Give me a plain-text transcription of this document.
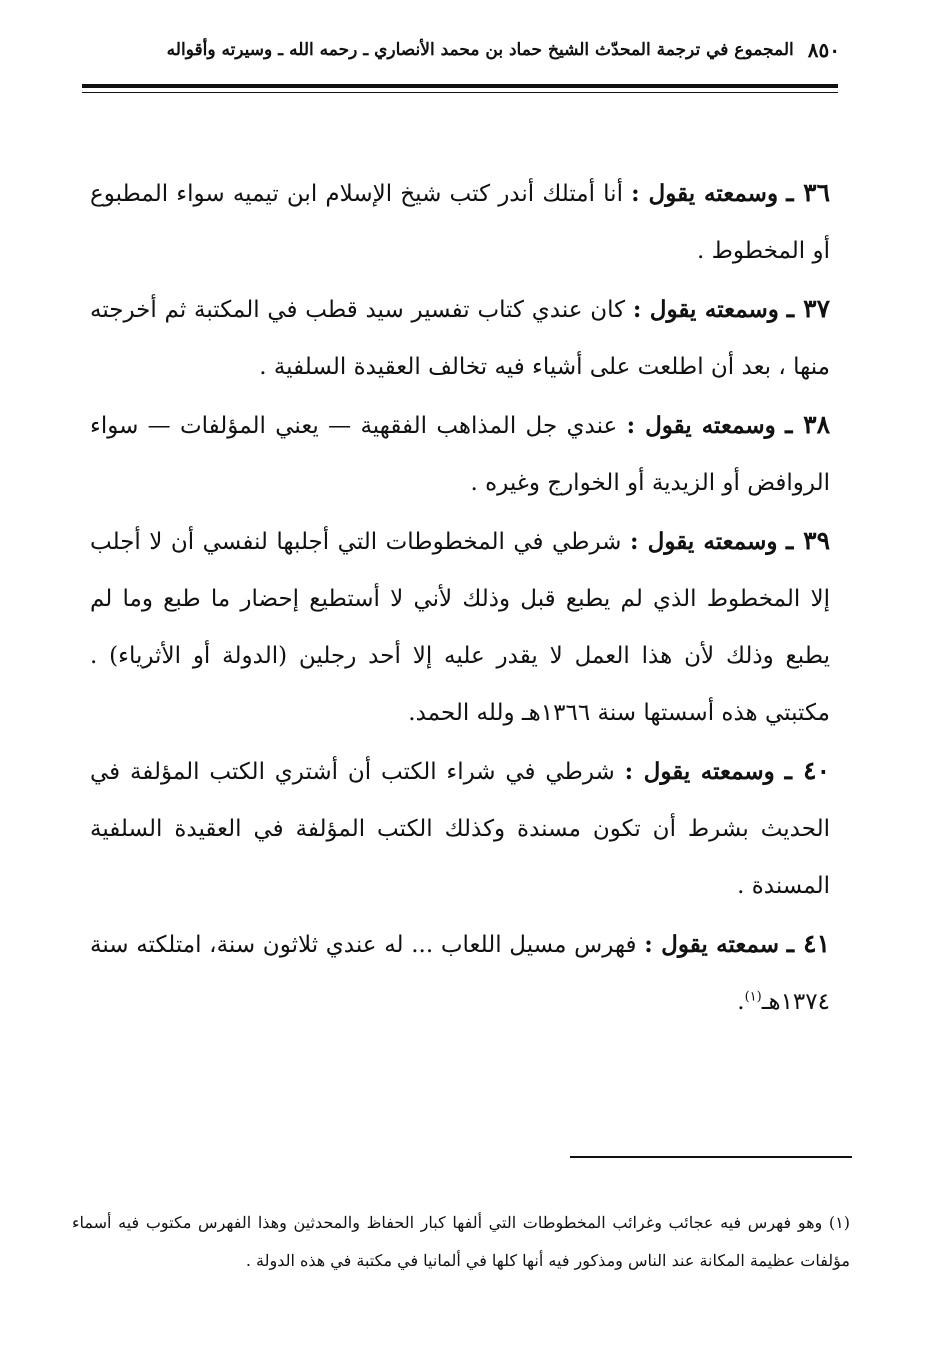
٨٥٠
المجموع في ترجمة المحدّث الشيخ حماد بن محمد الأنصاري ـ رحمه الله ـ وسيرته وأقواله

٣٦ ـ وسمعته يقول : أنا أمتلك أندر كتب شيخ الإسلام ابن تيميه سواء المطبوع أو المخطوط .

٣٧ ـ وسمعته يقول : كان عندي كتاب تفسير سيد قطب في المكتبة ثم أخرجته منها ، بعد أن اطلعت على أشياء فيه تخالف العقيدة السلفية .

٣٨ ـ وسمعته يقول : عندي جل المذاهب الفقهية — يعني المؤلفات — سواء الروافض أو الزيدية أو الخوارج وغيره .

٣٩ ـ وسمعته يقول : شرطي في المخطوطات التي أجلبها لنفسي أن لا أجلب إلا المخطوط الذي لم يطبع قبل وذلك لأني لا أستطيع إحضار ما طبع وما لم يطبع وذلك لأن هذا العمل لا يقدر عليه إلا أحد رجلين (الدولة أو الأثرياء) . مكتبتي هذه أسستها سنة ١٣٦٦هـ ولله الحمد.

٤٠ ـ وسمعته يقول : شرطي في شراء الكتب أن أشتري الكتب المؤلفة في الحديث بشرط أن تكون مسندة وكذلك الكتب المؤلفة في العقيدة السلفية المسندة .

٤١ ـ سمعته يقول : فهرس مسيل اللعاب ... له عندي ثلاثون سنة، امتلكته سنة ١٣٧٤هـ$^{(١)}$.

(١) وهو فهرس فيه عجائب وغرائب المخطوطات التي ألفها كبار الحفاظ والمحدثين وهذا الفهرس مكتوب فيه أسماء مؤلفات عظيمة المكانة عند الناس ومذكور فيه أنها كلها في ألمانيا في مكتبة في هذه الدولة .
